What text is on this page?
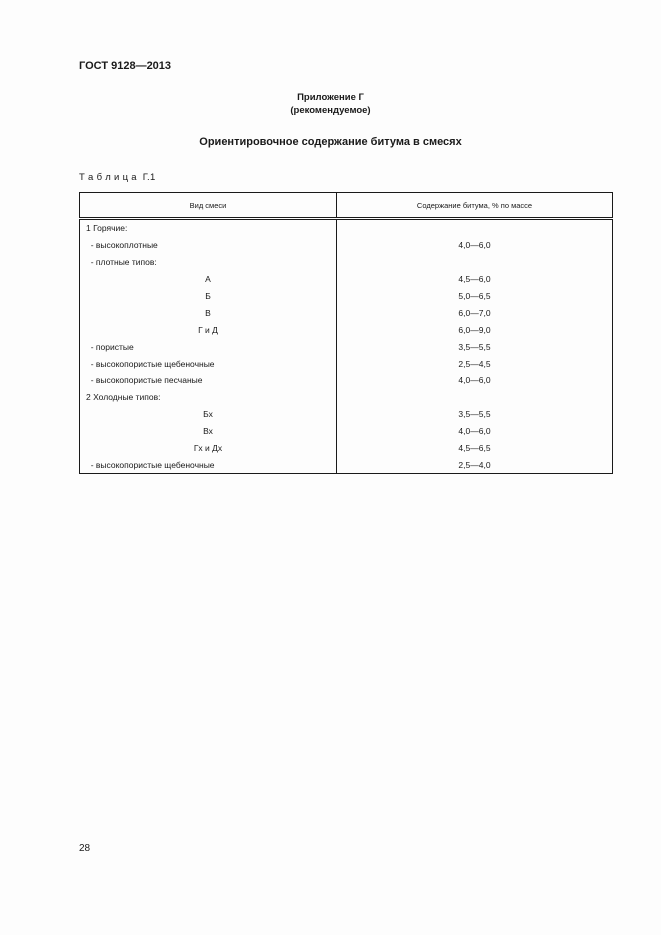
ГОСТ 9128—2013
Приложение Г
(рекомендуемое)
Ориентировочное содержание битума в смесях
Т а б л и ц а  Г.1
Вид смеси	Содержание битума, % по массе
1 Горячие:	
- высокоплотные	4,0—6,0
- плотные типов:	
А	4,5—6,0
Б	5,0—6,5
В	6,0—7,0
Г и Д	6,0—9,0
- пористые	3,5—5,5
- высокопористые щебеночные	2,5—4,5
- высокопористые песчаные	4,0—6,0
2 Холодные типов:	
Бх	3,5—5,5
Вх	4,0—6,0
Гх и Дх	4,5—6,5
- высокопористые щебеночные	2,5—4,0
28
